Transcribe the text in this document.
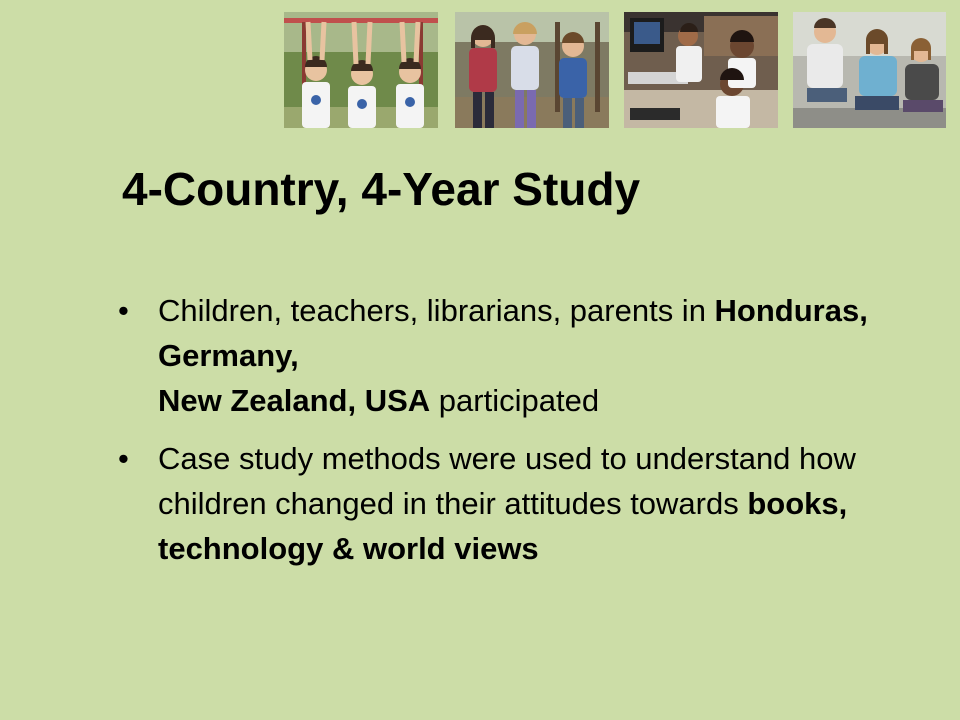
4-Country, 4-Year Study
• Children, teachers, librarians, parents in Honduras, Germany,
New Zealand, USA participated
• Case study methods were used to understand how children changed in their attitudes towards books,
technology & world views
